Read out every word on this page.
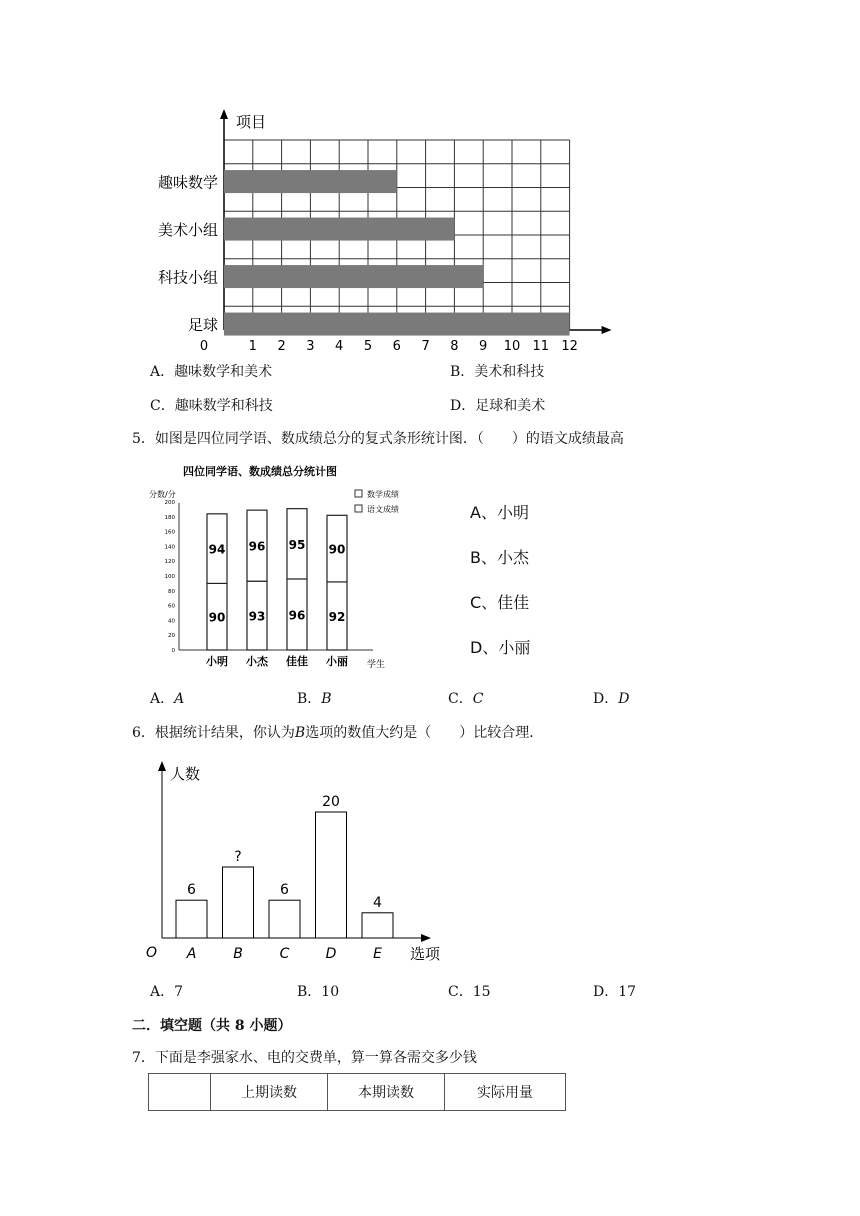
项目
趣味数学
美术小组
科技小组
足球
0	1 2 3 4 5 6 7 8 9 10 11 12
A．趣味数学和美术	B．美术和科技
C．趣味数学和科技	D．足球和美术
5．如图是四位同学语、数成绩总分的复式条形统计图．（　　）的语文成绩最高
四位同学语、数成绩总分统计图
分数/分	数学成绩
语文成绩
学生
0
20
40
60
80
100
120
140
160
180
200
90
94
小明
93
96
小杰
96
95
佳佳
92
90
小丽
A、小明
B、小杰
C、佳佳
D、小丽
A．A	B．B	C．C	D．D
6．根据统计结果，你认为B选项的数值大约是（　　）比较合理．
人数
选项
O
6
A
?
B
6
C
20
D
4
E
A．7	B．10	C．15	D．17
二．填空题（共 8 小题）
7．下面是李强家水、电的交费单，算一算各需交多少钱
	上期读数	本期读数	实际用量
